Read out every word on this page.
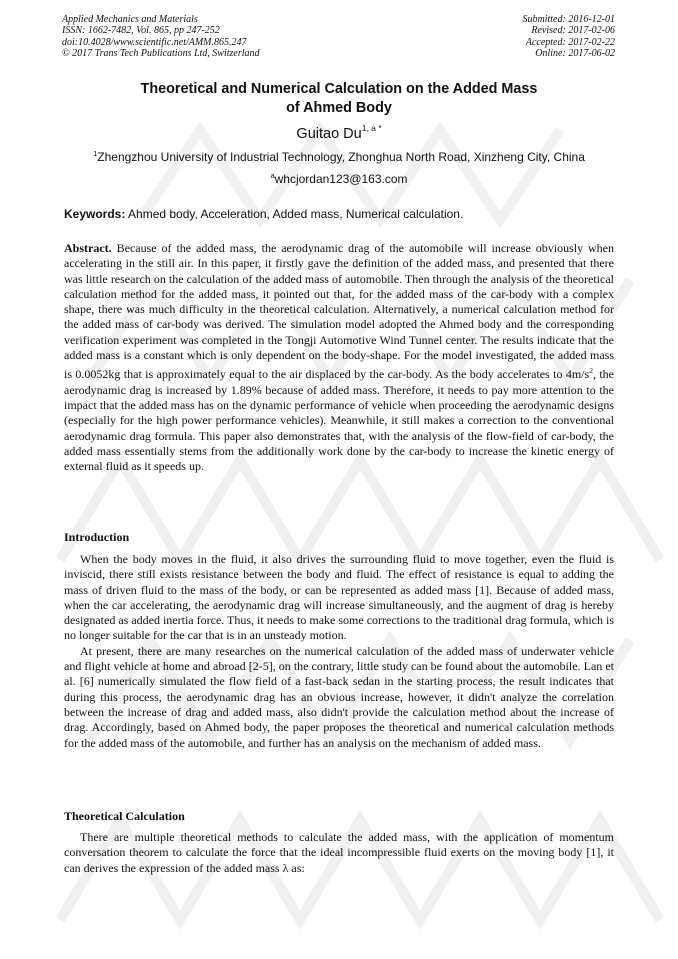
Applied Mechanics and Materials
ISSN: 1662-7482, Vol. 865, pp 247-252
doi:10.4028/www.scientific.net/AMM.865.247
© 2017 Trans Tech Publications Ltd, Switzerland
Submitted: 2016-12-01
Revised: 2017-02-06
Accepted: 2017-02-22
Online: 2017-06-02
Theoretical and Numerical Calculation on the Added Mass
of Ahmed Body
Guitao $Du^{1, a *}$
$^1$Zhengzhou University of Industrial Technology, Zhonghua North Road, Xinzheng City, China
$^a$whcjordan123@163.com
Keywords: Ahmed body, Acceleration, Added mass, Numerical calculation.

Abstract. Because of the added mass, the aerodynamic drag of the automobile will increase obviously when accelerating in the still air. In this paper, it firstly gave the definition of the added mass, and presented that there was little research on the calculation of the added mass of automobile. Then through the analysis of the theoretical calculation method for the added mass, it pointed out that, for the added mass of the car-body with a complex shape, there was much difficulty in the theoretical calculation. Alternatively, a numerical calculation method for the added mass of car-body was derived. The simulation model adopted the Ahmed body and the corresponding verification experiment was completed in the Tongji Automotive Wind Tunnel center. The results indicate that the added mass is a constant which is only dependent on the body-shape. For the model investigated, the added mass is 0.0052kg that is approximately equal to the air displaced by the car-body. As the body accelerates to $4m/s^2$, the aerodynamic drag is increased by 1.89% because of added mass. Therefore, it needs to pay more attention to the impact that the added mass has on the dynamic performance of vehicle when proceeding the aerodynamic designs (especially for the high power performance vehicles). Meanwhile, it still makes a correction to the conventional aerodynamic drag formula. This paper also demonstrates that, with the analysis of the flow-field of car-body, the added mass essentially stems from the additionally work done by the car-body to increase the kinetic energy of external fluid as it speeds up.

Introduction

When the body moves in the fluid, it also drives the surrounding fluid to move together, even the fluid is inviscid, there still exists resistance between the body and fluid. The effect of resistance is equal to adding the mass of driven fluid to the mass of the body, or can be represented as added mass [1]. Because of added mass, when the car accelerating, the aerodynamic drag will increase simultaneously, and the augment of drag is hereby designated as added inertia force. Thus, it needs to make some corrections to the traditional drag formula, which is no longer suitable for the car that is in an unsteady motion.

At present, there are many researches on the numerical calculation of the added mass of underwater vehicle and flight vehicle at home and abroad [2-5], on the contrary, little study can be found about the automobile. Lan et al. [6] numerically simulated the flow field of a fast-back sedan in the starting process, the result indicates that during this process, the aerodynamic drag has an obvious increase, however, it didn't analyze the correlation between the increase of drag and added mass, also didn't provide the calculation method about the increase of drag. Accordingly, based on Ahmed body, the paper proposes the theoretical and numerical calculation methods for the added mass of the automobile, and further has an analysis on the mechanism of added mass.

Theoretical Calculation

There are multiple theoretical methods to calculate the added mass, with the application of momentum conversation theorem to calculate the force that the ideal incompressible fluid exerts on the moving body [1], it can derives the expression of the added mass λ as:
